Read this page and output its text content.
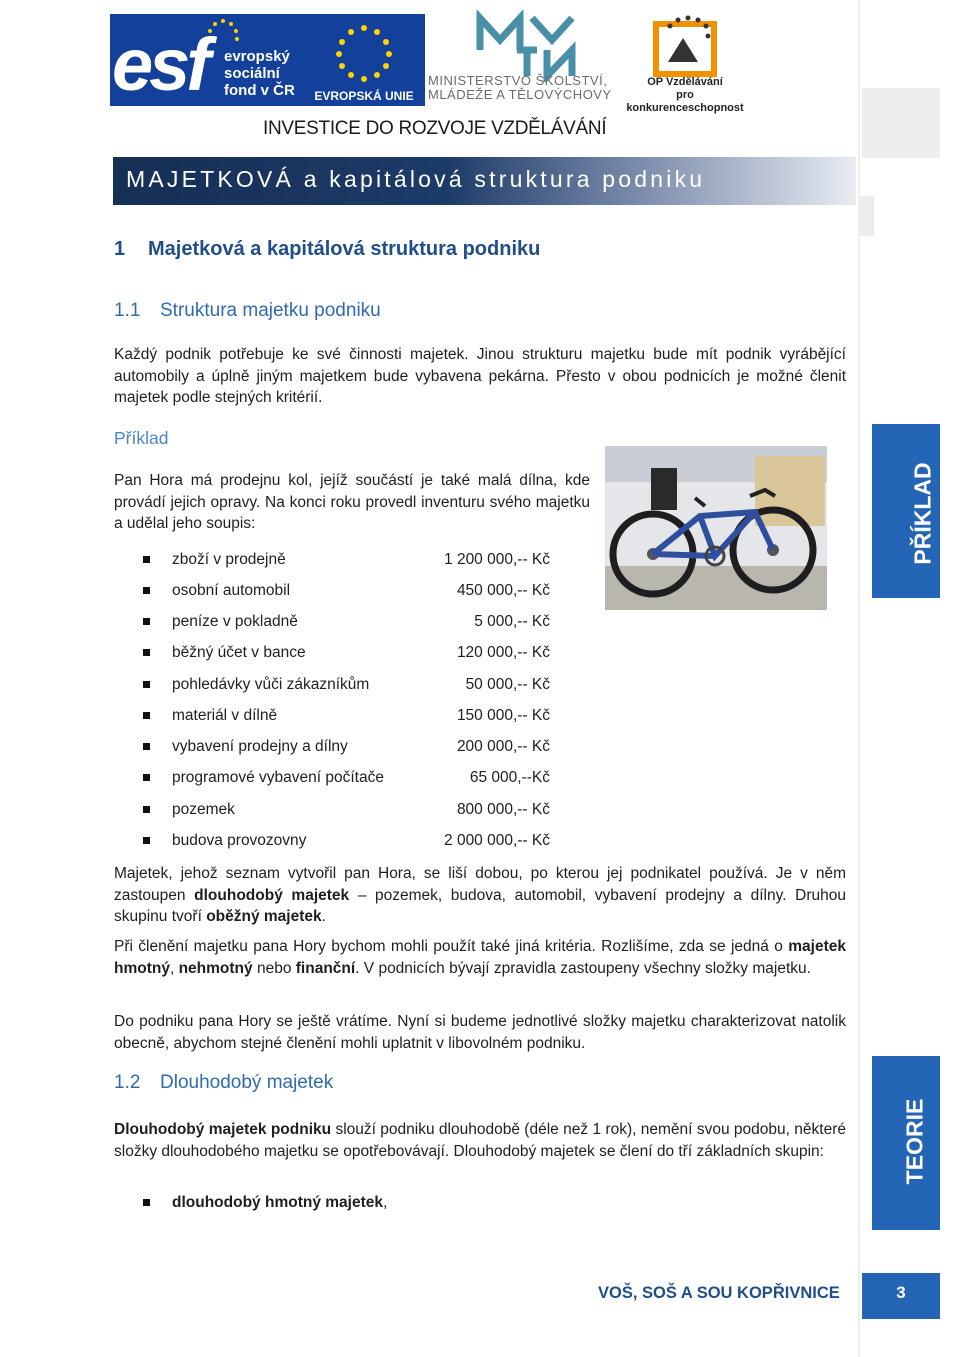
esf evropský
sociální
fond v ČR	EVROPSKÁ UNIE
MINISTERSTVO ŠKOLSTVÍ,
MLÁDEŽE A TĚLOVÝCHOVY
OP Vzdělávání
pro konkurenceschopnost
INVESTICE DO ROZVOJE VZDĚLÁVÁNÍ
MAJETKOVÁ a kapitálová struktura podniku
1 Majetková a kapitálová struktura podniku
1.1 Struktura majetku podniku
Každý podnik potřebuje ke své činnosti majetek. Jinou strukturu majetku bude mít podnik vyrábějící automobily a úplně jiným majetkem bude vybavena pekárna. Přesto v obou podnicích je možné členit majetek podle stejných kritérií.
Příklad
Pan Hora má prodejnu kol, jejíž součástí je také malá dílna, kde provádí jejich opravy. Na konci roku provedl inventuru svého majetku a udělal jeho soupis:	PŘÍKLAD
zboží v prodejně	1 200 000,-- Kč
osobní automobil	450 000,-- Kč
peníze v pokladně	5 000,-- Kč
běžný účet v bance	120 000,-- Kč
pohledávky vůči zákazníkům	50 000,-- Kč
materiál v dílně	150 000,-- Kč
vybavení prodejny a dílny	200 000,-- Kč
programové vybavení počítače	65 000,--Kč
pozemek	800 000,-- Kč
budova provozovny	2 000 000,-- Kč
Majetek, jehož seznam vytvořil pan Hora, se liší dobou, po kterou jej podnikatel používá. Je v něm zastoupen dlouhodobý majetek – pozemek, budova, automobil, vybavení prodejny a dílny. Druhou skupinu tvoří oběžný majetek.
Při členění majetku pana Hory bychom mohli použít také jiná kritéria. Rozlišíme, zda se jedná o majetek hmotný, nehmotný nebo finanční. V podnicích bývají zpravidla zastoupeny všechny složky majetku.
Do podniku pana Hory se ještě vrátíme. Nyní si budeme jednotlivé složky majetku charakterizovat natolik obecně, abychom stejné členění mohli uplatnit v libovolném podniku.
1.2 Dlouhodobý majetek
Dlouhodobý majetek podniku slouží podniku dlouhodobě (déle než 1 rok), nemění svou podobu, některé složky dlouhodobého majetku se opotřebovávají. Dlouhodobý majetek se člení do tří základních skupin:
dlouhodobý hmotný majetek,
TEORIE
VOŠ, SOŠ A SOU KOPŘIVNICE	3
